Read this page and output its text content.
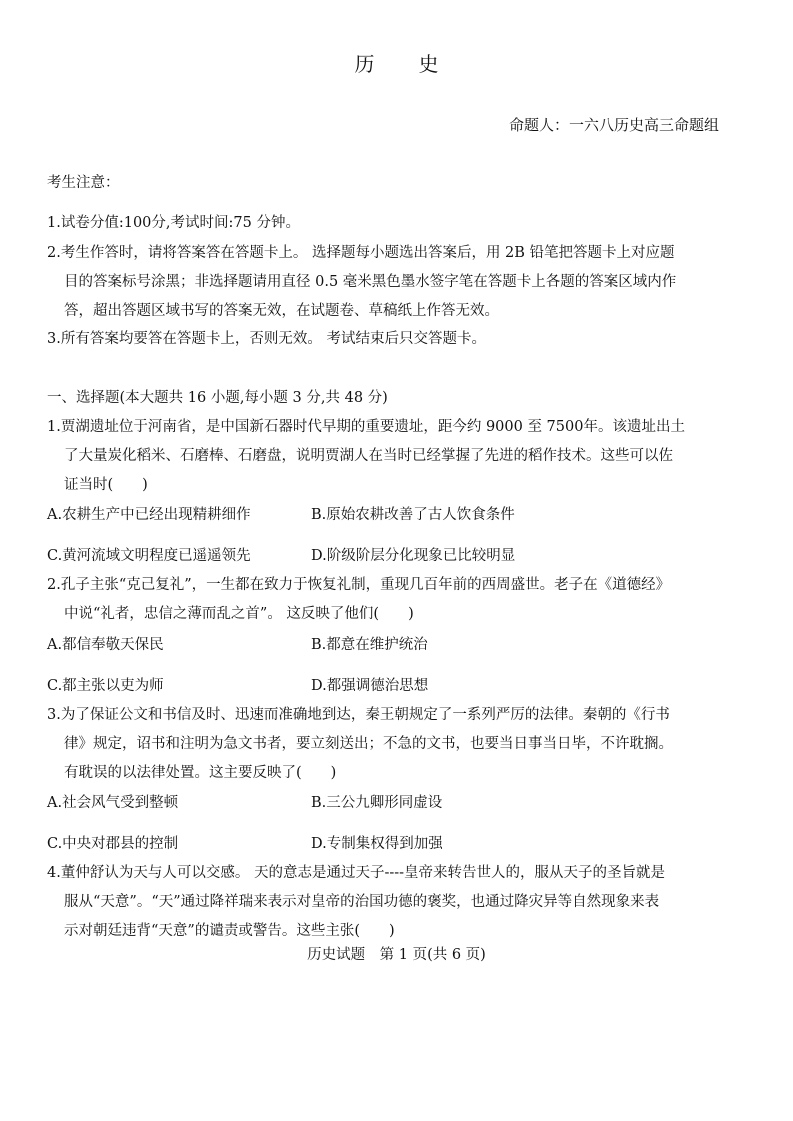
历 史
命题人：一六八历史高三命题组
考生注意：
1.试卷分值:100分,考试时间:75 分钟。
2.考生作答时，请将答案答在答题卡上。 选择题每小题选出答案后，用 2B 铅笔把答题卡上对应题
目的答案标号涂黑；非选择题请用直径 0.5 毫米黑色墨水签字笔在答题卡上各题的答案区域内作
答，超出答题区域书写的答案无效，在试题卷、草稿纸上作答无效。
3.所有答案均要答在答题卡上，否则无效。 考试结束后只交答题卡。
一、选择题(本大题共 16 小题,每小题 3 分,共 48 分)
1.贾湖遗址位于河南省，是中国新石器时代早期的重要遗址，距今约 9000 至 7500年。该遗址出土
了大量炭化稻米、石磨棒、石磨盘，说明贾湖人在当时已经掌握了先进的稻作技术。这些可以佐
证当时(　　)
A.农耕生产中已经出现精耕细作	B.原始农耕改善了古人饮食条件
C.黄河流域文明程度已遥遥领先	D.阶级阶层分化现象已比较明显
2.孔子主张“克己复礼”，一生都在致力于恢复礼制，重现几百年前的西周盛世。老子在《道德经》
中说“礼者，忠信之薄而乱之首”。 这反映了他们(　　)
A.都信奉敬天保民	B.都意在维护统治
C.都主张以吏为师	D.都强调德治思想
3.为了保证公文和书信及时、迅速而准确地到达，秦王朝规定了一系列严厉的法律。秦朝的《行书
律》规定，诏书和注明为急文书者，要立刻送出；不急的文书，也要当日事当日毕，不许耽搁。
有耽误的以法律处置。这主要反映了(　　)
A.社会风气受到整顿	B.三公九卿形同虚设
C.中央对郡县的控制	D.专制集权得到加强
4.董仲舒认为天与人可以交感。 天的意志是通过天子----皇帝来转告世人的，服从天子的圣旨就是
服从“天意”。“天”通过降祥瑞来表示对皇帝的治国功德的褒奖，也通过降灾异等自然现象来表
示对朝廷违背“天意”的谴责或警告。这些主张(　　)
历史试题　第 1 页(共 6 页)
